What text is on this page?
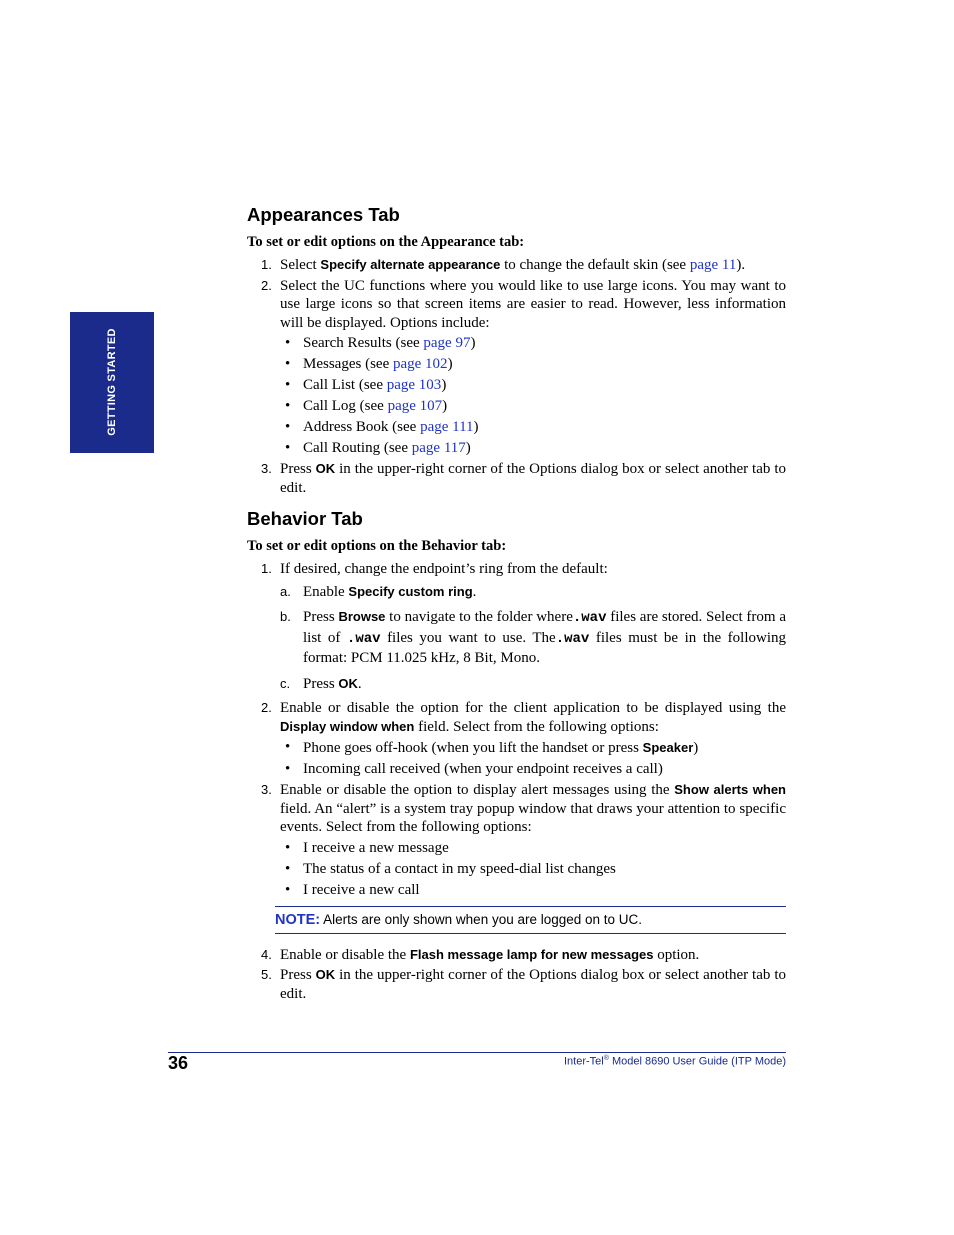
GETTING STARTED
Appearances Tab
To set or edit options on the Appearance tab:
1. Select Specify alternate appearance to change the default skin (see page 11).
2. Select the UC functions where you would like to use large icons. You may want to use large icons so that screen items are easier to read. However, less information will be displayed. Options include:
• Search Results (see page 97)
• Messages (see page 102)
• Call List (see page 103)
• Call Log (see page 107)
• Address Book (see page 111)
• Call Routing (see page 117)
3. Press OK in the upper-right corner of the Options dialog box or select another tab to edit.
Behavior Tab
To set or edit options on the Behavior tab:
1. If desired, change the endpoint’s ring from the default:
a. Enable Specify custom ring.
b. Press Browse to navigate to the folder where.wav files are stored. Select from a list of .wav files you want to use. The.wav files must be in the following format: PCM 11.025 kHz, 8 Bit, Mono.
c. Press OK.
2. Enable or disable the option for the client application to be displayed using the Display window when field. Select from the following options:
• Phone goes off-hook (when you lift the handset or press Speaker)
• Incoming call received (when your endpoint receives a call)
3. Enable or disable the option to display alert messages using the Show alerts when field. An “alert” is a system tray popup window that draws your attention to specific events. Select from the following options:
• I receive a new message
• The status of a contact in my speed-dial list changes
• I receive a new call
NOTE: Alerts are only shown when you are logged on to UC.
4. Enable or disable the Flash message lamp for new messages option.
5. Press OK in the upper-right corner of the Options dialog box or select another tab to edit.
36	Inter-Tel® Model 8690 User Guide (ITP Mode)
